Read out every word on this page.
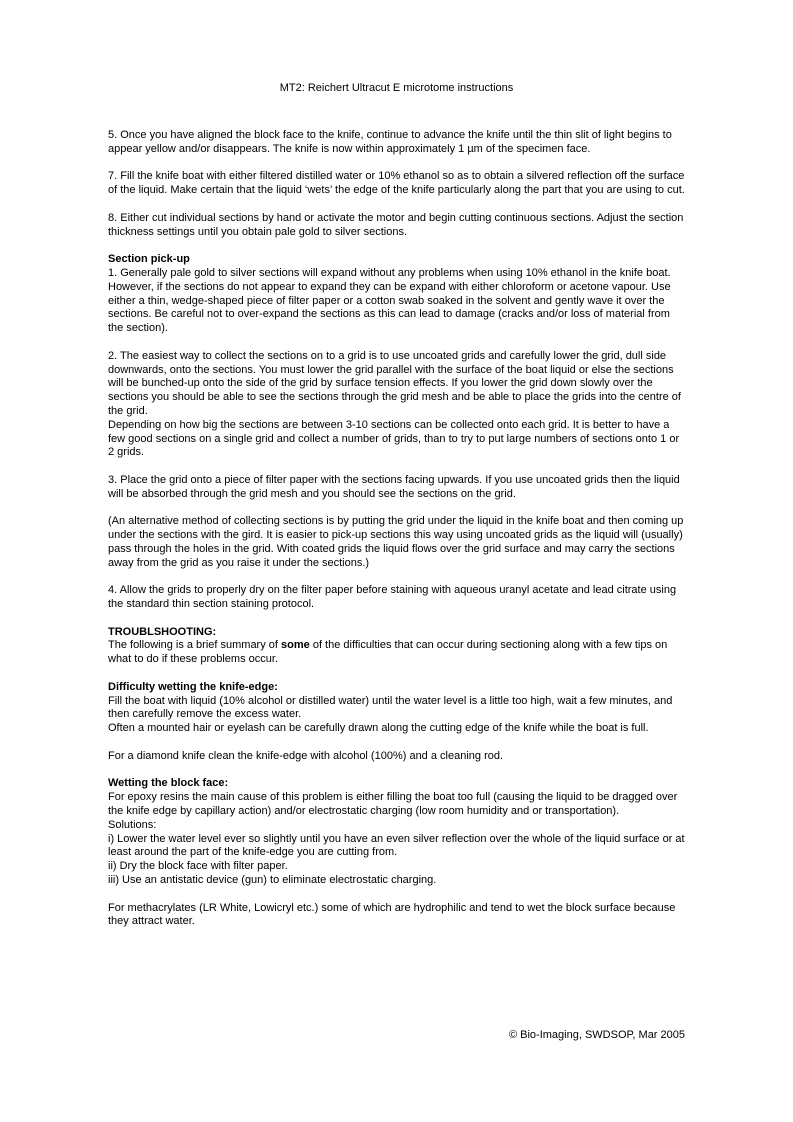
MT2: Reichert Ultracut E microtome instructions

5. Once you have aligned the block face to the knife, continue to advance the knife until the thin slit of light begins to appear yellow and/or disappears. The knife is now within approximately 1 µm of the specimen face.

7. Fill the knife boat with either filtered distilled water or 10% ethanol so as to obtain a silvered reflection off the surface of the liquid. Make certain that the liquid ‘wets’ the edge of the knife particularly along the part that you are using to cut.

8. Either cut individual sections by hand or activate the motor and begin cutting continuous sections. Adjust the section thickness settings until you obtain pale gold to silver sections.

Section pick-up

1. Generally pale gold to silver sections will expand without any problems when using 10% ethanol in the knife boat. However, if the sections do not appear to expand they can be expand with either chloroform or acetone vapour. Use either a thin, wedge-shaped piece of filter paper or a cotton swab soaked in the solvent and gently wave it over the sections. Be careful not to over-expand the sections as this can lead to damage (cracks and/or loss of material from the section).

2. The easiest way to collect the sections on to a grid is to use uncoated grids and carefully lower the grid, dull side downwards, onto the sections. You must lower the grid parallel with the surface of the boat liquid or else the sections will be bunched-up onto the side of the grid by surface tension effects. If you lower the grid down slowly over the sections you should be able to see the sections through the grid mesh and be able to place the grids into the centre of the grid.

Depending on how big the sections are between 3-10 sections can be collected onto each grid. It is better to have a few good sections on a single grid and collect a number of grids, than to try to put large numbers of sections onto 1 or 2 grids.

3. Place the grid onto a piece of filter paper with the sections facing upwards. If you use uncoated grids then the liquid will be absorbed through the grid mesh and you should see the sections on the grid.

(An alternative method of collecting sections is by putting the grid under the liquid in the knife boat and then coming up under the sections with the gird. It is easier to pick-up sections this way using uncoated grids as the liquid will (usually) pass through the holes in the grid. With coated grids the liquid flows over the grid surface and may carry the sections away from the grid as you raise it under the sections.)

4. Allow the grids to properly dry on the filter paper before staining with aqueous uranyl acetate and lead citrate using the standard thin section staining protocol.

TROUBLSHOOTING:

The following is a brief summary of some of the difficulties that can occur during sectioning along with a few tips on what to do if these problems occur.

Difficulty wetting the knife-edge:

Fill the boat with liquid (10% alcohol or distilled water) until the water level is a little too high, wait a few minutes, and then carefully remove the excess water.

Often a mounted hair or eyelash can be carefully drawn along the cutting edge of the knife while the boat is full.

For a diamond knife clean the knife-edge with alcohol (100%) and a cleaning rod.

Wetting the block face:

For epoxy resins the main cause of this problem is either filling the boat too full (causing the liquid to be dragged over the knife edge by capillary action) and/or electrostatic charging (low room humidity and or transportation).

Solutions:

i) Lower the water level ever so slightly until you have an even silver reflection over the whole of the liquid surface or at least around the part of the knife-edge you are cutting from.

ii) Dry the block face with filter paper.

iii) Use an antistatic device (gun) to eliminate electrostatic charging.

For methacrylates (LR White, Lowicryl etc.) some of which are hydrophilic and tend to wet the block surface because they attract water.

© Bio-Imaging, SWDSOP, Mar 2005
